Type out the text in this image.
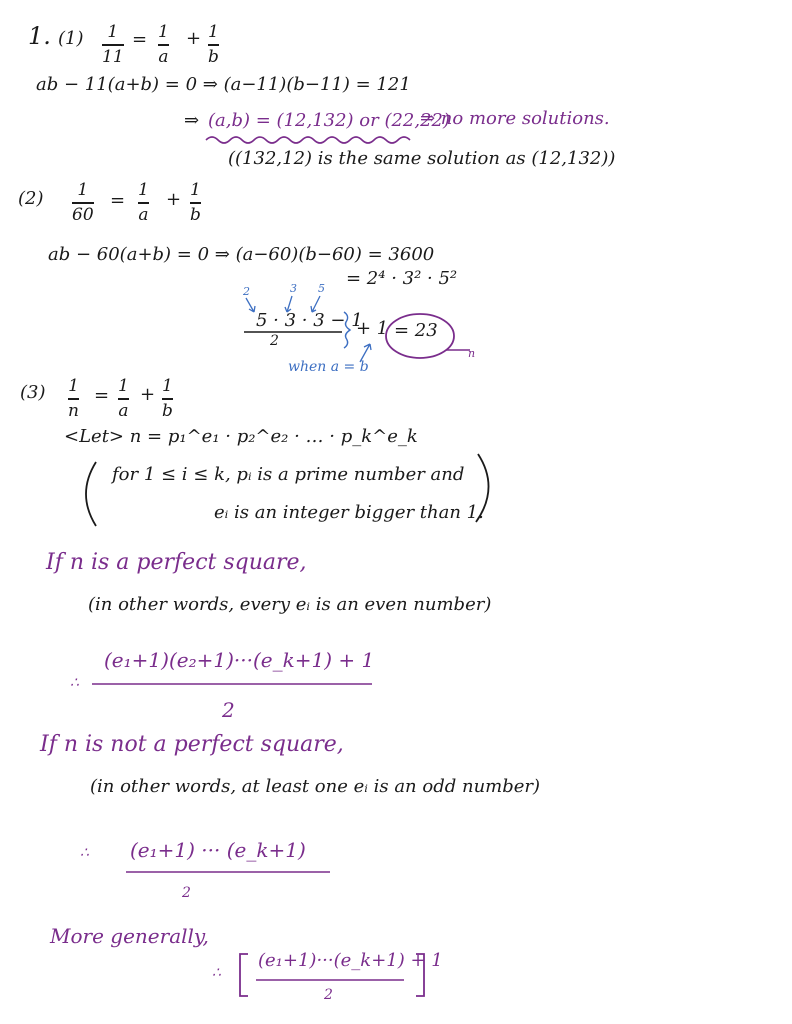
1. (1) 1
11
= 1
a
+ 1
b
ab − 11(a+b) = 0 ⇒ (a−11)(b−11) = 121
⇒ (a,b) = (12,132) or (22,22)
⇒ no more solutions.
((132,12) is the same solution as (12,132))
(2) 1
60
= 1
a
+ 1
b
ab − 60(a+b) = 0 ⇒ (a−60)(b−60) = 3600
= 2⁴ · 3² · 5²
2	3 5
5 · 3 · 3 − 1
2
+ 1 = 23
when a = b
n
(3) 1
n
= 1
a
+ 1
b
<Let> n = p₁^e₁ · p₂^e₂ · … · p_k^e_k
for 1 ≤ i ≤ k, pᵢ is a prime number and
eᵢ is an integer bigger than 1.
If n is a perfect square,
(in other words, every eᵢ is an even number)
∴
(e₁+1)(e₂+1)···(e_k+1) + 1
2
If n is not a perfect square,
(in other words, at least one eᵢ is an odd number)
∴ (e₁+1) ··· (e_k+1)
2
More generally,
∴
(e₁+1)···(e_k+1) + 1
2
